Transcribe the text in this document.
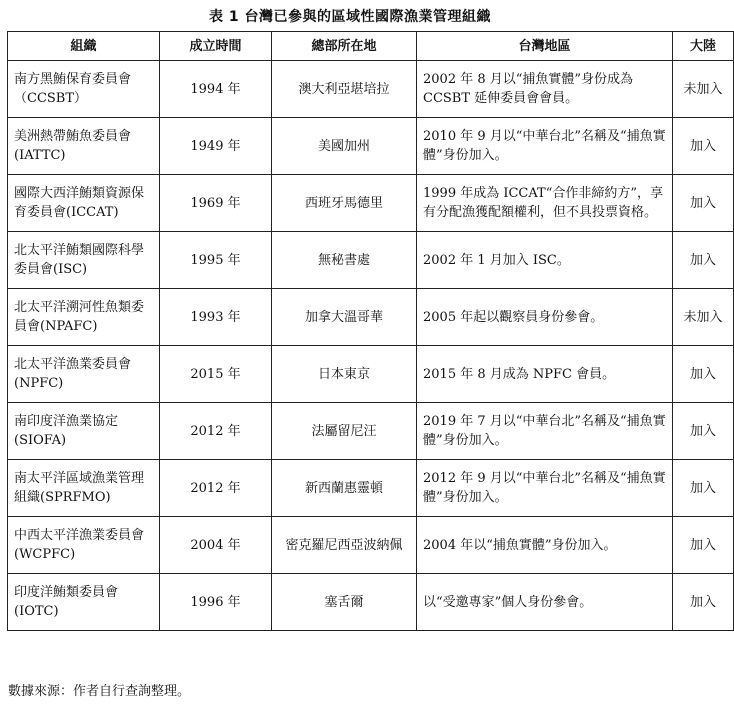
表 1 台灣已參與的區域性國際漁業管理組織
組織	成立時間	總部所在地	台灣地區	大陸
南方黑鮪保育委員會（CCSBT）	1994 年	澳大利亞堪培拉	2002 年 8 月以“捕魚實體”身份成為 CCSBT 延伸委員會會員。	未加入
美洲熱帶鮪魚委員會(IATTC)	1949 年	美國加州	2010 年 9 月以“中華台北”名稱及“捕魚實體”身份加入。	加入
國際大西洋鮪類資源保育委員會(ICCAT)	1969 年	西班牙馬德里	1999 年成為 ICCAT“合作非締約方”，享有分配漁獲配額權利，但不具投票資格。	加入
北太平洋鮪類國際科學委員會(ISC)	1995 年	無秘書處	2002 年 1 月加入 ISC。	加入
北太平洋溯河性魚類委員會(NPAFC)	1993 年	加拿大溫哥華	2005 年起以觀察員身份參會。	未加入
北太平洋漁業委員會(NPFC)	2015 年	日本東京	2015 年 8 月成為 NPFC 會員。	加入
南印度洋漁業協定(SIOFA)	2012 年	法屬留尼汪	2019 年 7 月以“中華台北”名稱及“捕魚實體”身份加入。	加入
南太平洋區域漁業管理組織(SPRFMO)	2012 年	新西蘭惠靈頓	2012 年 9 月以“中華台北”名稱及“捕魚實體”身份加入。	加入
中西太平洋漁業委員會(WCPFC)	2004 年	密克羅尼西亞波納佩	2004 年以“捕魚實體”身份加入。	加入
印度洋鮪類委員會(IOTC)	1996 年	塞舌爾	以“受邀專家”個人身份參會。	加入
數據來源：作者自行查詢整理。
